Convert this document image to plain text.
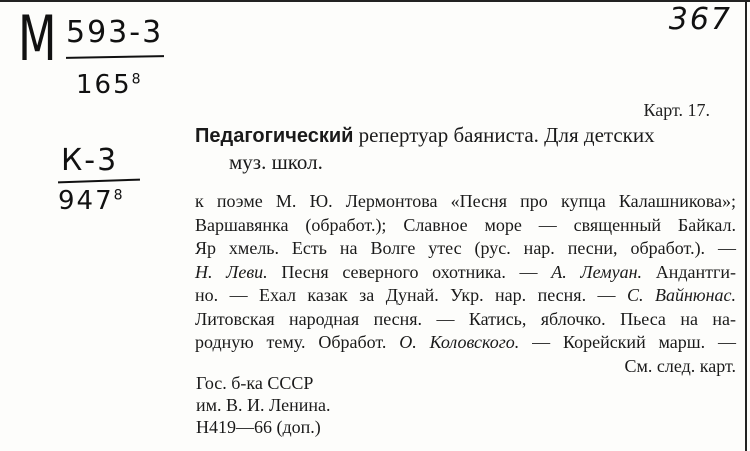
М 593-3
$165^8$
367
К-3
$947^8$
Карт. 17.
Педагогический репертуар баяниста. Для детских
муз. школ.
к поэме М. Ю. Лермонтова «Песня про купца Калашникова»;
Варшавянка (обработ.); Славное море — священный Байкал.
Яр хмель. Есть на Волге утес (рус. нар. песни, обработ.). —
Н. Леви. Песня северного охотника. — А. Лемуан. Андантги-
но. — Ехал казак за Дунай. Укр. нар. песня. — С. Вайнюнас.
Литовская народная песня. — Катись, яблочко. Пьеса на на-
родную тему. Обработ. О. Коловского. — Корейский марш. —
См. след. карт.
Гос. б-ка СССР
им. В. И. Ленина.
Н419—66 (доп.)
